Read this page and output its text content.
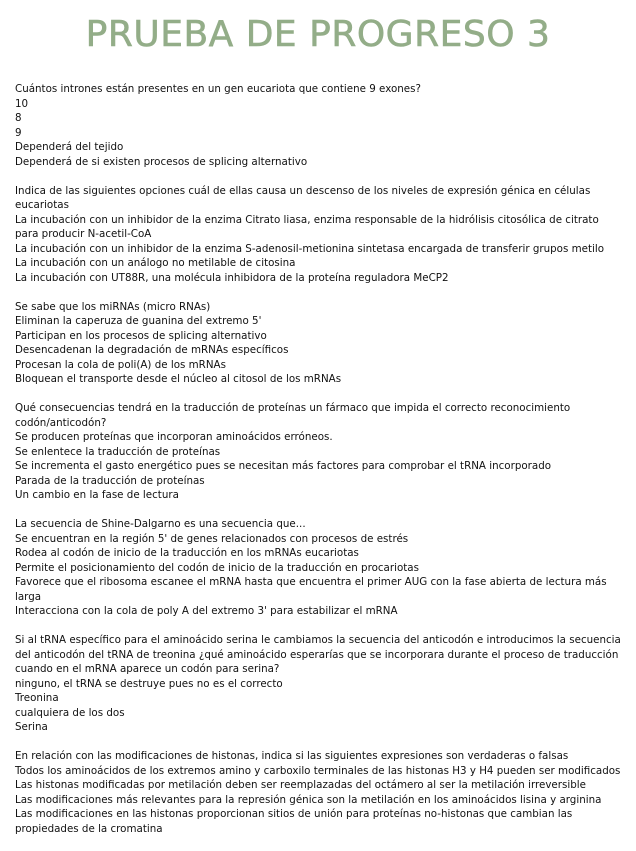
PRUEBA DE PROGRESO 3

Cuántos intrones están presentes en un gen eucariota que contiene 9 exones?

10

8

9

Dependerá del tejido

Dependerá de si existen procesos de splicing alternativo

Indica de las siguientes opciones cuál de ellas causa un descenso de los niveles de expresión génica en células eucariotas

La incubación con un inhibidor de la enzima Citrato liasa, enzima responsable de la hidrólisis citosólica de citrato para producir N-acetil-CoA

La incubación con un inhibidor de la enzima S-adenosil-metionina sintetasa encargada de transferir grupos metilo

La incubación con un análogo no metilable de citosina

La incubación con UT88R, una molécula inhibidora de la proteína reguladora MeCP2

Se sabe que los miRNAs (micro RNAs)

Eliminan la caperuza de guanina del extremo 5'

Participan en los procesos de splicing alternativo

Desencadenan la degradación de mRNAs específicos

Procesan la cola de poli(A) de los mRNAs

Bloquean el transporte desde el núcleo al citosol de los mRNAs

Qué consecuencias tendrá en la traducción de proteínas un fármaco que impida el correcto reconocimiento codón/anticodón?

Se producen proteínas que incorporan aminoácidos erróneos.

Se enlentece la traducción de proteínas

Se incrementa el gasto energético pues se necesitan más factores para comprobar el tRNA incorporado

Parada de la traducción de proteínas

Un cambio en la fase de lectura

La secuencia de Shine-Dalgarno es una secuencia que...

Se encuentran en la región 5' de genes relacionados con procesos de estrés

Rodea al codón de inicio de la traducción en los mRNAs eucariotas

Permite el posicionamiento del codón de inicio de la traducción en procariotas

Favorece que el ribosoma escanee el mRNA hasta que encuentra el primer AUG con la fase abierta de lectura más larga

Interacciona con la cola de poly A del extremo 3' para estabilizar el mRNA

Si al tRNA específico para el aminoácido serina le cambiamos la secuencia del anticodón e introducimos la secuencia del anticodón del tRNA de treonina ¿qué aminoácido esperarías que se incorporara durante el proceso de traducción cuando en el mRNA aparece un codón para serina?

ninguno, el tRNA se destruye pues no es el correcto

Treonina

cualquiera de los dos

Serina

En relación con las modificaciones de histonas, indica si las siguientes expresiones son verdaderas o falsas

Todos los aminoácidos de los extremos amino y carboxilo terminales de las histonas H3 y H4 pueden ser modificados

Las histonas modificadas por metilación deben ser reemplazadas del octámero al ser la metilación irreversible

Las modificaciones más relevantes para la represión génica son la metilación en los aminoácidos lisina y arginina

Las modificaciones en las histonas proporcionan sitios de unión para proteínas no-histonas que cambian las propiedades de la cromatina
